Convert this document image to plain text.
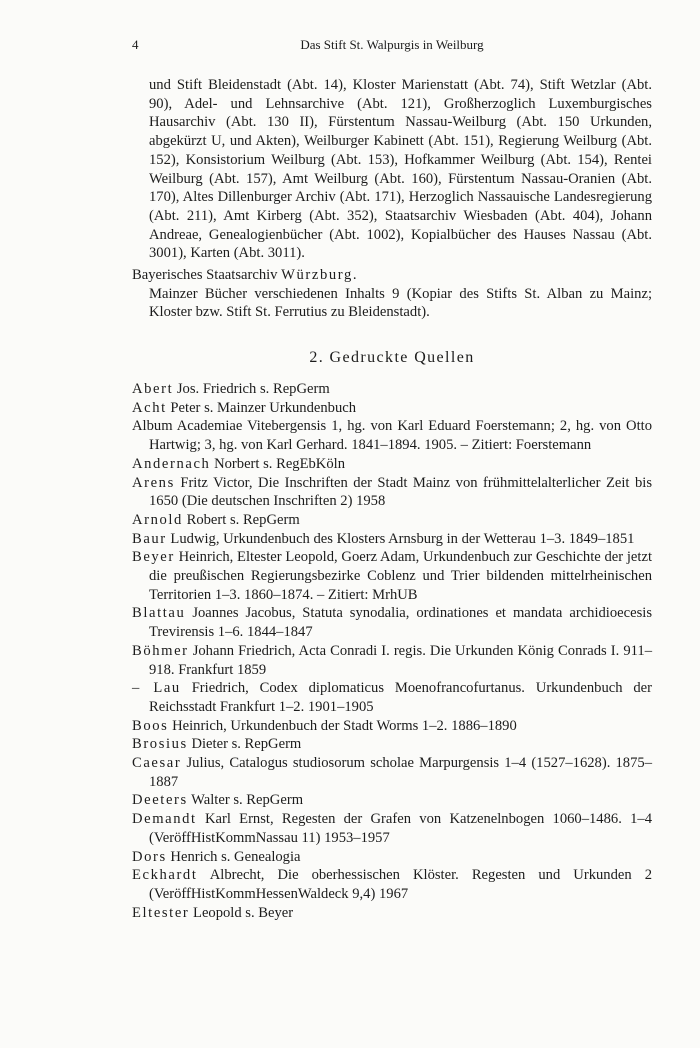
4	Das Stift St. Walpurgis in Weilburg

und Stift Bleidenstadt (Abt. 14), Kloster Marienstatt (Abt. 74), Stift Wetzlar (Abt. 90), Adel- und Lehnsarchive (Abt. 121), Großherzoglich Luxemburgisches Hausarchiv (Abt. 130 II), Fürstentum Nassau-Weilburg (Abt. 150 Urkunden, abgekürzt U, und Akten), Weilburger Kabinett (Abt. 151), Regierung Weilburg (Abt. 152), Konsistorium Weilburg (Abt. 153), Hofkammer Weilburg (Abt. 154), Rentei Weilburg (Abt. 157), Amt Weilburg (Abt. 160), Fürstentum Nassau-Oranien (Abt. 170), Altes Dillenburger Archiv (Abt. 171), Herzoglich Nassauische Landesregierung (Abt. 211), Amt Kirberg (Abt. 352), Staatsarchiv Wiesbaden (Abt. 404), Johann Andreae, Genealogienbücher (Abt. 1002), Kopialbücher des Hauses Nassau (Abt. 3001), Karten (Abt. 3011).

Bayerisches Staatsarchiv Würzburg.
Mainzer Bücher verschiedenen Inhalts 9 (Kopiar des Stifts St. Alban zu Mainz; Kloster bzw. Stift St. Ferrutius zu Bleidenstadt).

2. Gedruckte Quellen

Abert Jos. Friedrich s. RepGerm

Acht Peter s. Mainzer Urkundenbuch

Album Academiae Vitebergensis 1, hg. von Karl Eduard Foerstemann; 2, hg. von Otto Hartwig; 3, hg. von Karl Gerhard. 1841–1894. 1905. – Zitiert: Foerstemann

Andernach Norbert s. RegEbKöln

Arens Fritz Victor, Die Inschriften der Stadt Mainz von frühmittelalterlicher Zeit bis 1650 (Die deutschen Inschriften 2) 1958

Arnold Robert s. RepGerm

Baur Ludwig, Urkundenbuch des Klosters Arnsburg in der Wetterau 1–3. 1849–1851

Beyer Heinrich, Eltester Leopold, Goerz Adam, Urkundenbuch zur Geschichte der jetzt die preußischen Regierungsbezirke Coblenz und Trier bildenden mittelrheinischen Territorien 1–3. 1860–1874. – Zitiert: MrhUB

Blattau Joannes Jacobus, Statuta synodalia, ordinationes et mandata archidioecesis Trevirensis 1–6. 1844–1847

Böhmer Johann Friedrich, Acta Conradi I. regis. Die Urkunden König Conrads I. 911–918. Frankfurt 1859

– Lau Friedrich, Codex diplomaticus Moenofrancofurtanus. Urkundenbuch der Reichsstadt Frankfurt 1–2. 1901–1905

Boos Heinrich, Urkundenbuch der Stadt Worms 1–2. 1886–1890

Brosius Dieter s. RepGerm

Caesar Julius, Catalogus studiosorum scholae Marpurgensis 1–4 (1527–1628). 1875–1887

Deeters Walter s. RepGerm

Demandt Karl Ernst, Regesten der Grafen von Katzenelnbogen 1060–1486. 1–4 (VeröffHistKommNassau 11) 1953–1957

Dors Henrich s. Genealogia

Eckhardt Albrecht, Die oberhessischen Klöster. Regesten und Urkunden 2 (VeröffHistKommHessenWaldeck 9,4) 1967

Eltester Leopold s. Beyer
